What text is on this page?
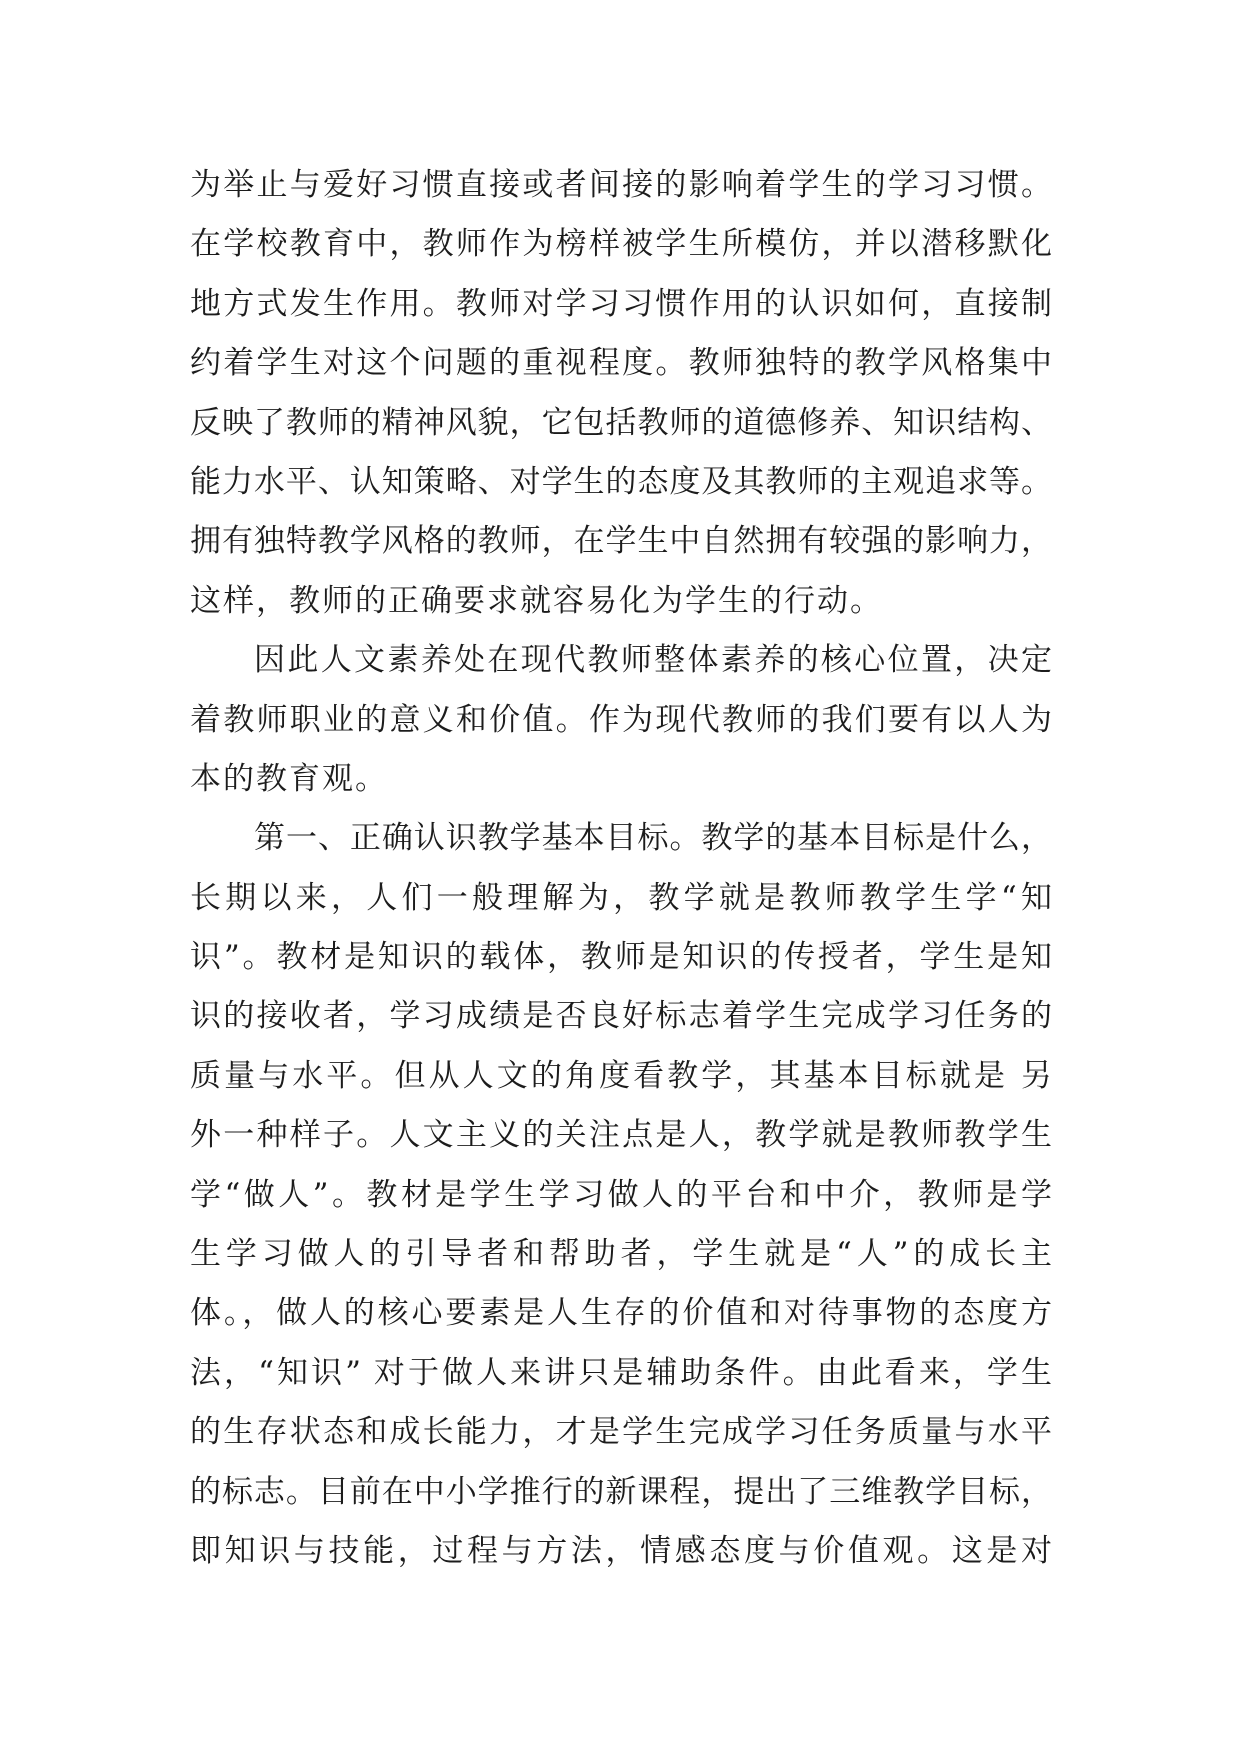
为举止与爱好习惯直接或者间接的影响着学生的学习习惯。
在学校教育中，教师作为榜样被学生所模仿，并以潜移默化
地方式发生作用。教师对学习习惯作用的认识如何，直接制
约着学生对这个问题的重视程度。教师独特的教学风格集中
反映了教师的精神风貌，它包括教师的道德修养、知识结构、
能力水平、认知策略、对学生的态度及其教师的主观追求等。
拥有独特教学风格的教师，在学生中自然拥有较强的影响力，
这样，教师的正确要求就容易化为学生的行动。
因此人文素养处在现代教师整体素养的核心位置，决定
着教师职业的意义和价值。作为现代教师的我们要有以人为
本的教育观。
第一、正确认识教学基本目标。教学的基本目标是什么，
长期以来，人们一般理解为，教学就是教师教学生学“知
识”。教材是知识的载体，教师是知识的传授者，学生是知
识的接收者，学习成绩是否良好标志着学生完成学习任务的
质量与水平。但从人文的角度看教学，其基本目标就是 另
外一种样子。人文主义的关注点是人，教学就是教师教学生
学“做人”。教材是学生学习做人的平台和中介，教师是学
生学习做人的引导者和帮助者，学生就是“人”的成长主
体。，做人的核心要素是人生存的价值和对待事物的态度方
法，“知识” 对于做人来讲只是辅助条件。由此看来，学生
的生存状态和成长能力，才是学生完成学习任务质量与水平
的标志。目前在中小学推行的新课程，提出了三维教学目标，
即知识与技能，过程与方法，情感态度与价值观。这是对
